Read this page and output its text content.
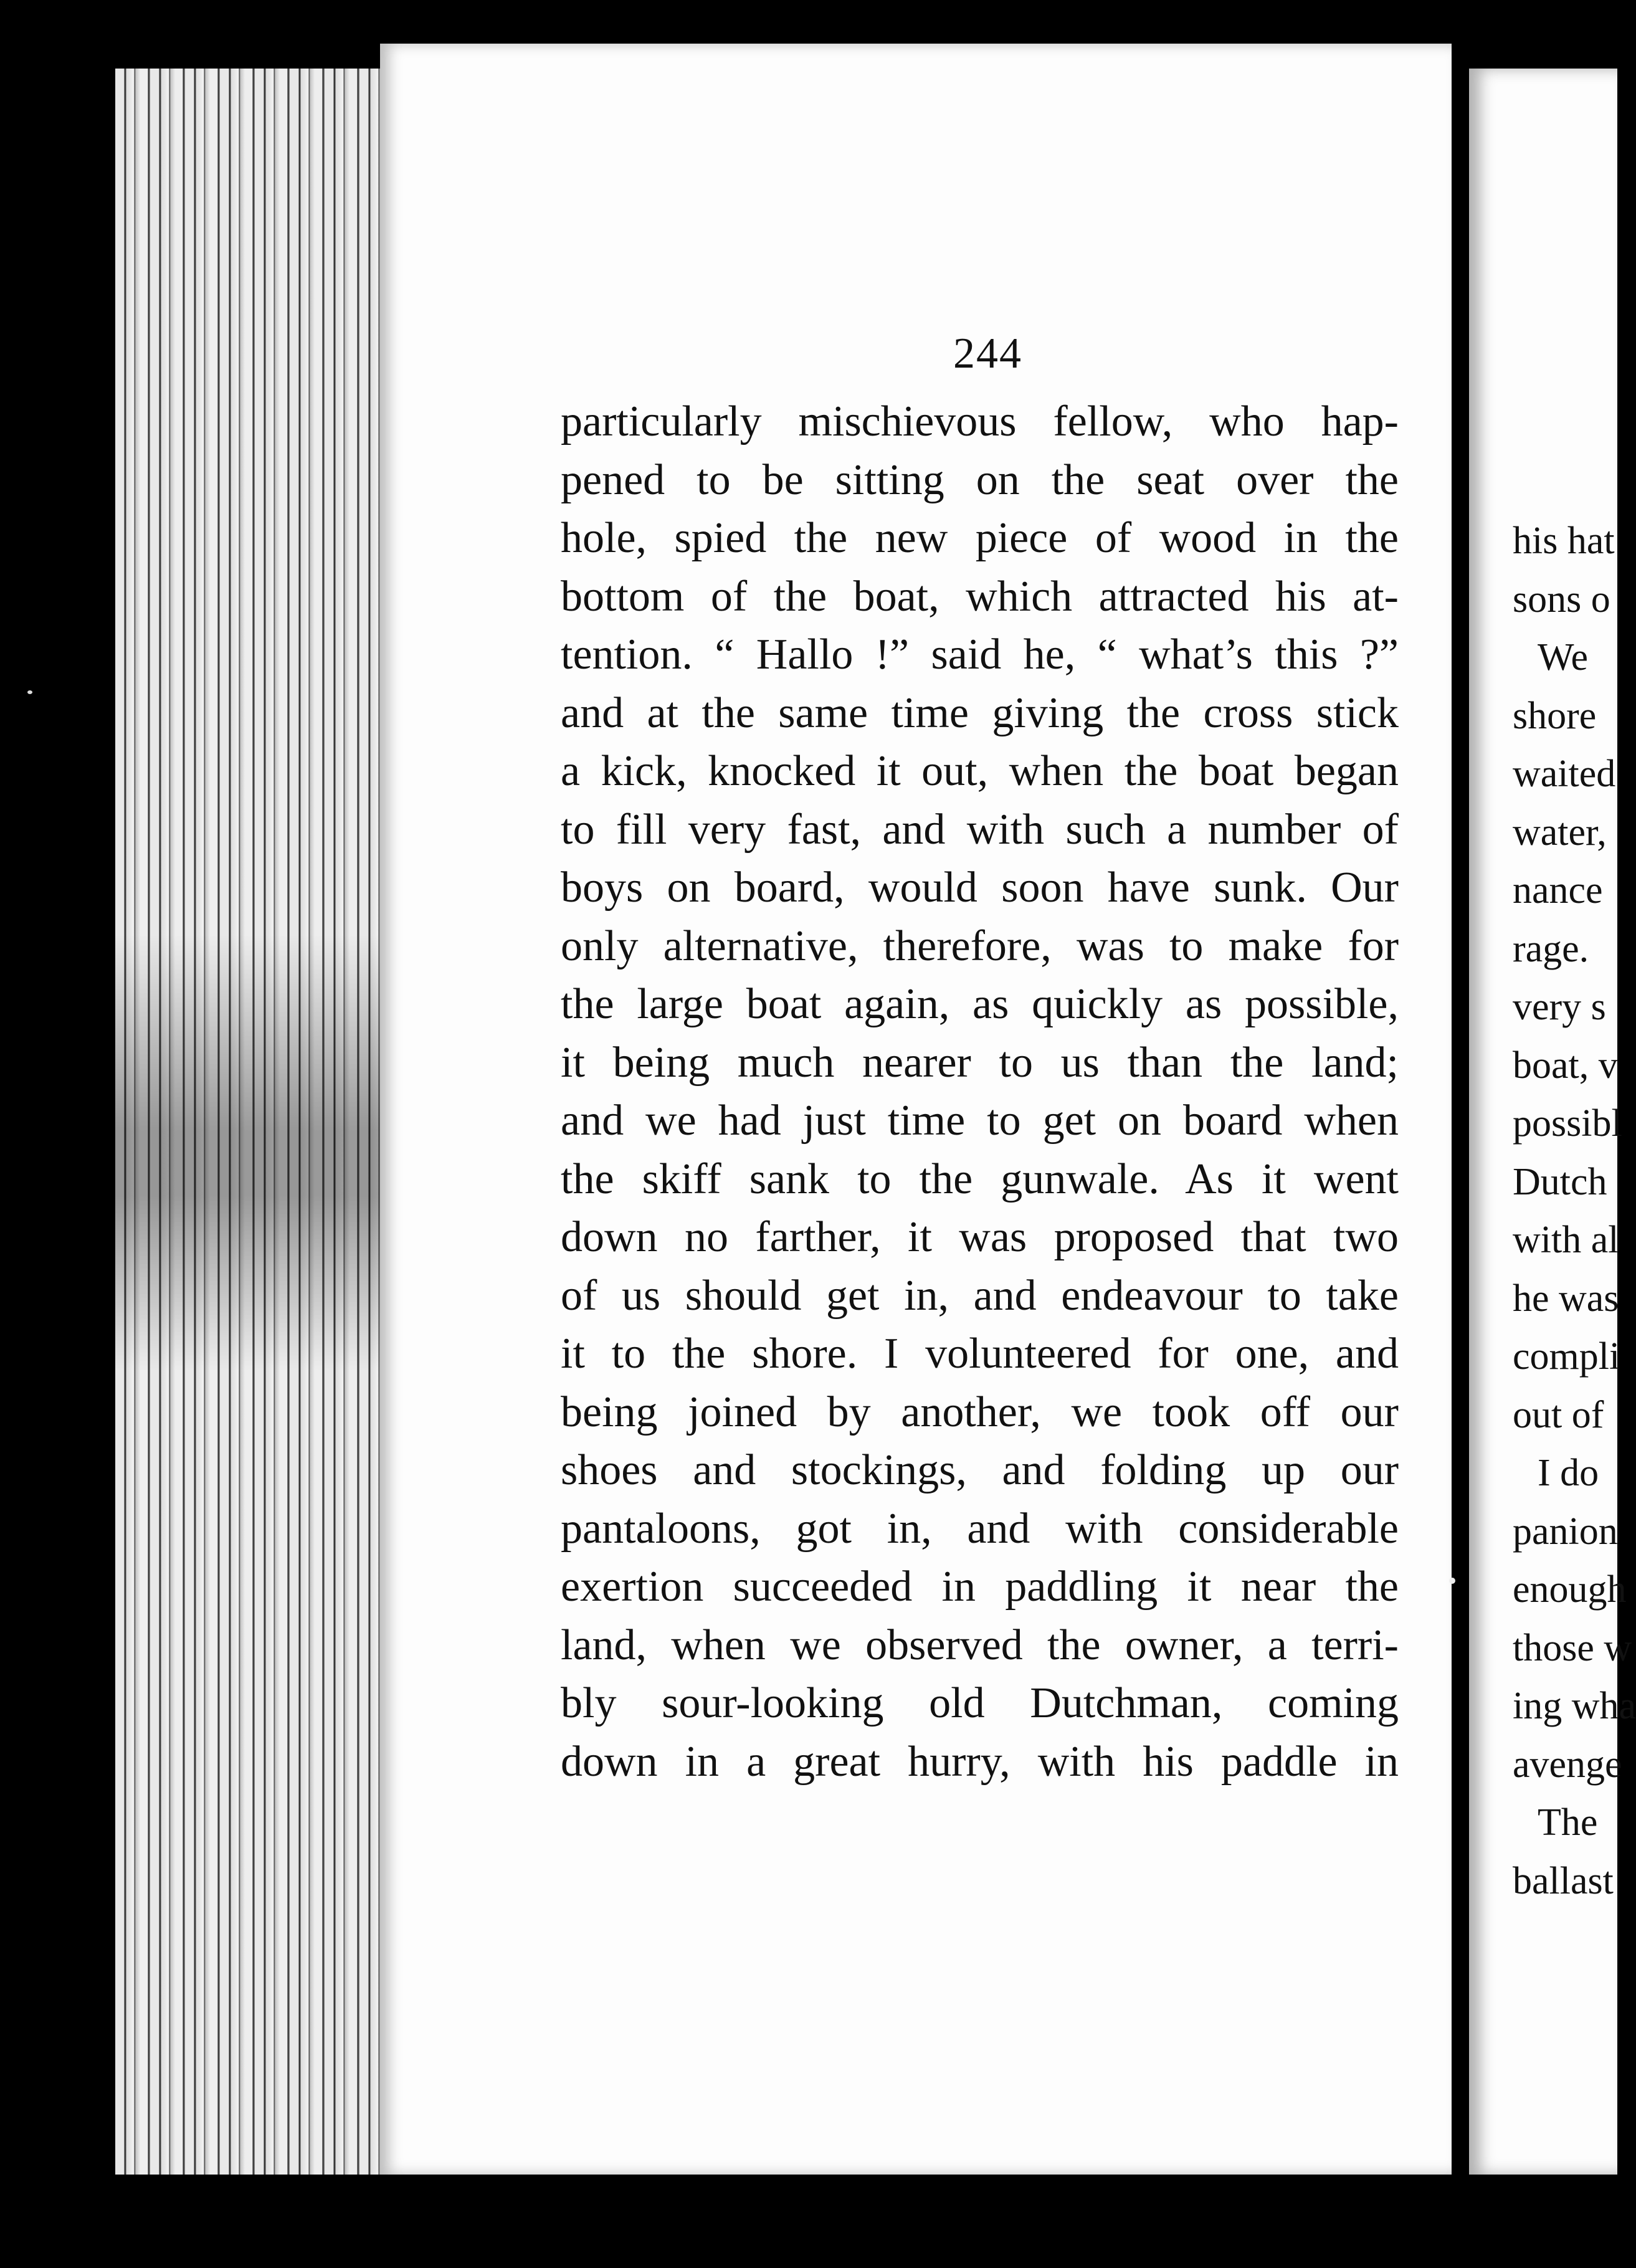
244
particularly mischievous fellow, who hap-
pened to be sitting on the seat over the
hole, spied the new piece of wood in the
bottom of the boat, which attracted his at-
tention. “ Hallo !” said he, “ what’s this ?”
and at the same time giving the cross stick
a kick, knocked it out, when the boat began
to fill very fast, and with such a number of
boys on board, would soon have sunk. Our
only alternative, therefore, was to make for
the large boat again, as quickly as possible,
it being much nearer to us than the land;
and we had just time to get on board when
the skiff sank to the gunwale. As it went
down no farther, it was proposed that two
of us should get in, and endeavour to take
it to the shore. I volunteered for one, and
being joined by another, we took off our
shoes and stockings, and folding up our
pantaloons, got in, and with considerable
exertion succeeded in paddling it near the
land, when we observed the owner, a terri-
bly sour-looking old Dutchman, coming
down in a great hurry, with his paddle in
his hat
sons o
We
shore
waited
water,
nance
rage.
very s
boat, v
possibl
Dutch
with al
he was
compli
out of
I do
panion
enough
those w
ing wha
avenge
The
ballast
